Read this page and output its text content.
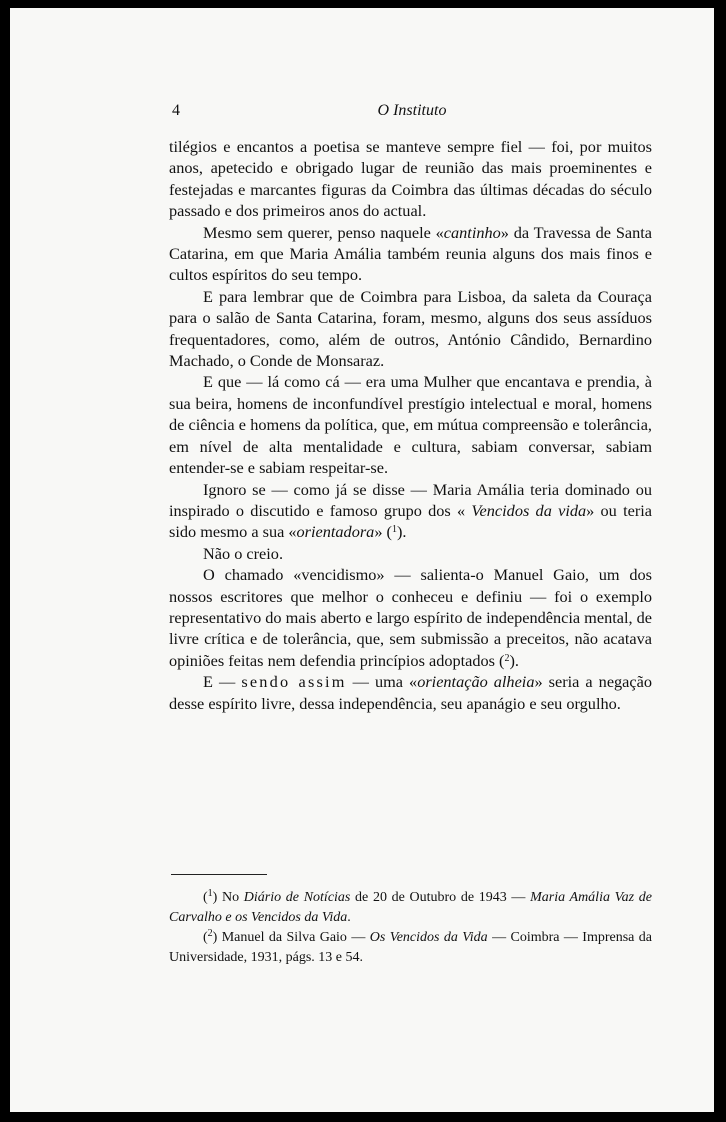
4	O Instituto

tilégios e encantos a poetisa se manteve sempre fiel — foi, por muitos anos, apetecido e obrigado lugar de reunião das mais proeminentes e festejadas e marcantes figuras da Coimbra das últimas décadas do século passado e dos primeiros anos do actual.

Mesmo sem querer, penso naquele «cantinho» da Travessa de Santa Catarina, em que Maria Amália também reunia alguns dos mais finos e cultos espíritos do seu tempo.

E para lembrar que de Coimbra para Lisboa, da saleta da Couraça para o salão de Santa Catarina, foram, mesmo, alguns dos seus assíduos frequentadores, como, além de outros, António Cândido, Bernardino Machado, o Conde de Monsaraz.

E que — lá como cá — era uma Mulher que encantava e prendia, à sua beira, homens de inconfundível prestígio intelectual e moral, homens de ciência e homens da política, que, em mútua compreensão e tolerância, em nível de alta mentalidade e cultura, sabiam conversar, sabiam entender-se e sabiam respeitar-se.

Ignoro se — como já se disse — Maria Amália teria dominado ou inspirado o discutido e famoso grupo dos « Vencidos da vida» ou teria sido mesmo a sua «orientadora» ($^1$).

Não o creio.

O chamado «vencidismo» — salienta-o Manuel Gaio, um dos nossos escritores que melhor o conheceu e definiu — foi o exemplo representativo do mais aberto e largo espírito de independência mental, de livre crítica e de tolerância, que, sem submissão a preceitos, não acatava opiniões feitas nem defendia princípios adoptados ($^2$).

E — sendo assim — uma «orientação alheia» seria a negação desse espírito livre, dessa independência, seu apanágio e seu orgulho.

($^1$) No Diário de Notícias de 20 de Outubro de 1943 — Maria Amália Vaz de Carvalho e os Vencidos da Vida.

($^2$) Manuel da Silva Gaio — Os Vencidos da Vida — Coimbra — Imprensa da Universidade, 1931, págs. 13 e 54.
